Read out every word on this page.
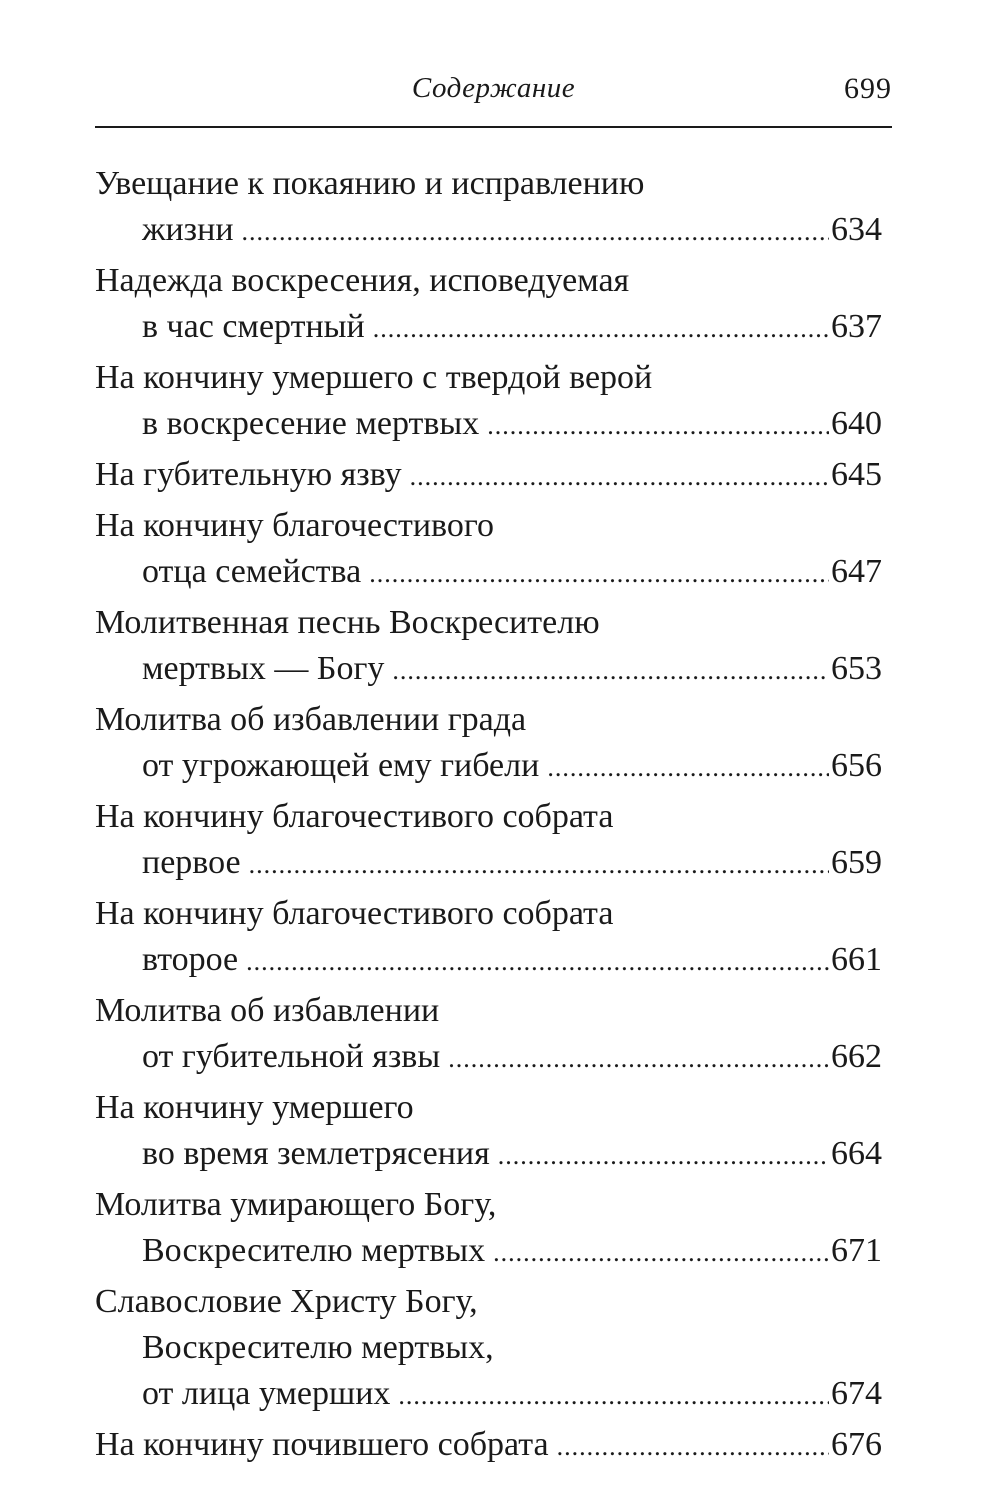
Содержание	699
Увещание к покаянию и исправлению
жизни .....	634
Надежда воскресения, исповедуемая
в час смертный .....	637
На кончину умершего с твердой верой
в воскресение мертвых .....	640
На губительную язву .....	645
На кончину благочестивого
отца семейства .....	647
Молитвенная песнь Воскресителю
мертвых — Богу .....	653
Молитва об избавлении града
от угрожающей ему гибели .....	656
На кончину благочестивого собрата
первое .....	659
На кончину благочестивого собрата
второе .....	661
Молитва об избавлении
от губительной язвы .....	662
На кончину умершего
во время землетрясения .....	664
Молитва умирающего Богу,
Воскресителю мертвых .....	671
Славословие Христу Богу,
Воскресителю мертвых,
от лица умерших .....	674
На кончину почившего собрата .....	676
